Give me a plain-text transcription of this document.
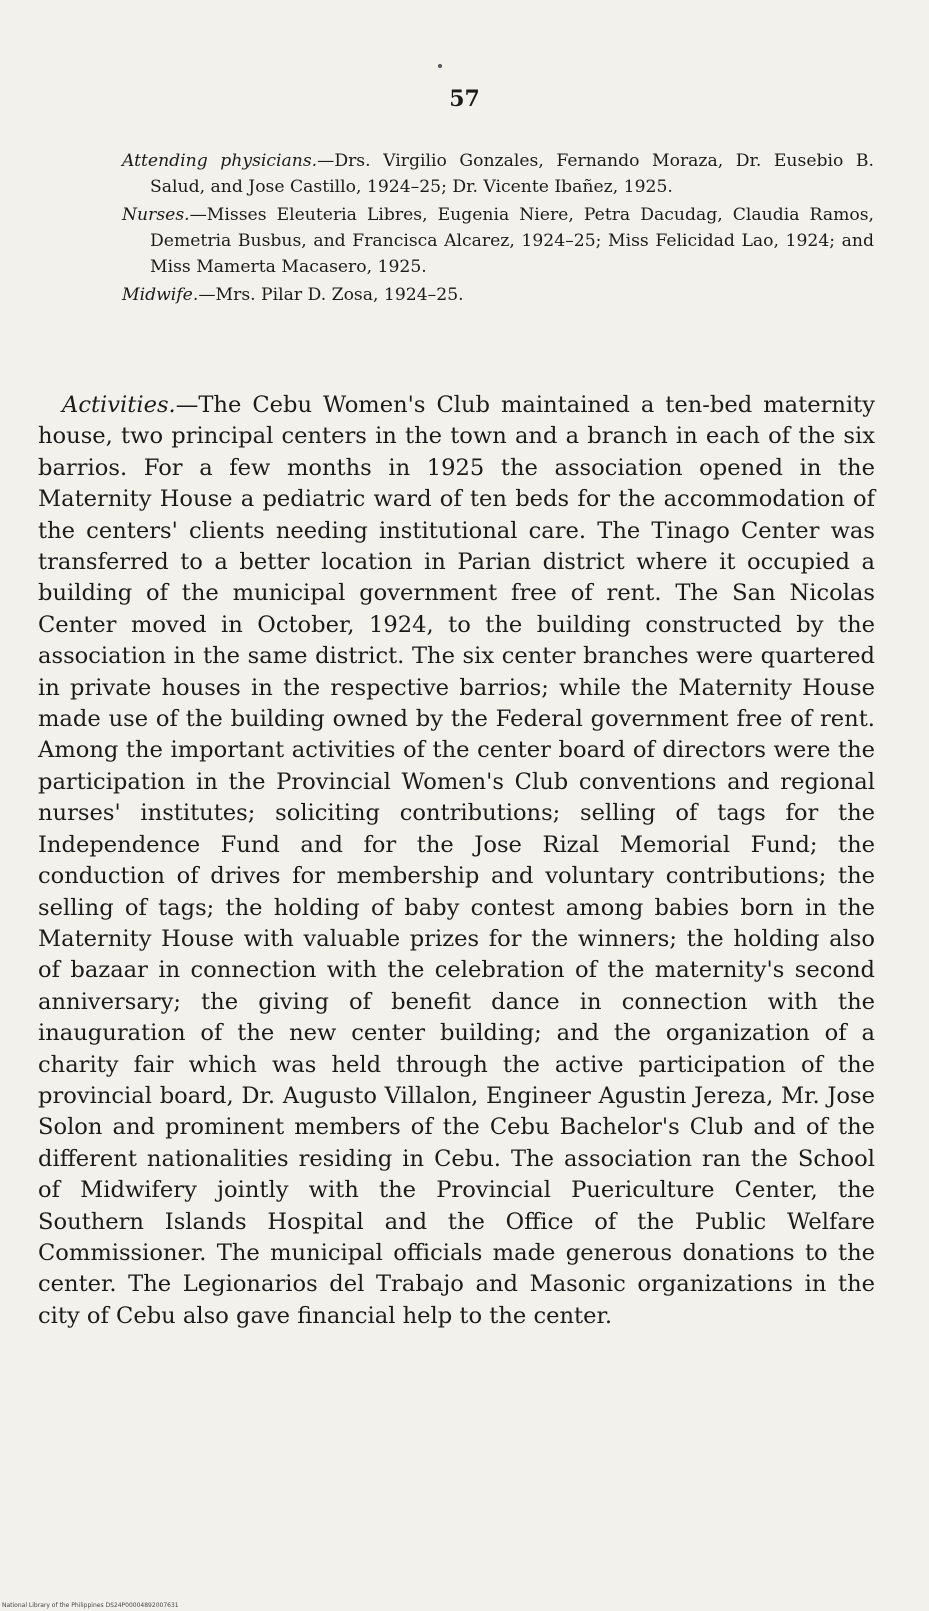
57

Attending physicians.—Drs. Virgilio Gonzales, Fernando Moraza, Dr. Eusebio B. Salud, and Jose Castillo, 1924–25; Dr. Vicente Ibañez, 1925.

Nurses.—Misses Eleuteria Libres, Eugenia Niere, Petra Dacudag, Claudia Ramos, Demetria Busbus, and Francisca Alcarez, 1924–25; Miss Felicidad Lao, 1924; and Miss Mamerta Macasero, 1925.

Midwife.—Mrs. Pilar D. Zosa, 1924–25.

Activities.—The Cebu Women's Club maintained a ten-bed maternity house, two principal centers in the town and a branch in each of the six barrios. For a few months in 1925 the association opened in the Maternity House a pediatric ward of ten beds for the accommodation of the centers' clients needing institutional care. The Tinago Center was transferred to a better location in Parian district where it occupied a building of the municipal government free of rent. The San Nicolas Center moved in October, 1924, to the building constructed by the association in the same district. The six center branches were quartered in private houses in the respective barrios; while the Maternity House made use of the building owned by the Federal government free of rent. Among the important activities of the center board of directors were the participation in the Provincial Women's Club conventions and regional nurses' institutes; soliciting contributions; selling of tags for the Independence Fund and for the Jose Rizal Memorial Fund; the conduction of drives for membership and voluntary contributions; the selling of tags; the holding of baby contest among babies born in the Maternity House with valuable prizes for the winners; the holding also of bazaar in connection with the celebration of the maternity's second anniversary; the giving of benefit dance in connection with the inauguration of the new center building; and the organization of a charity fair which was held through the active participation of the provincial board, Dr. Augusto Villalon, Engineer Agustin Jereza, Mr. Jose Solon and prominent members of the Cebu Bachelor's Club and of the different nationalities residing in Cebu. The association ran the School of Midwifery jointly with the Provincial Puericulture Center, the Southern Islands Hospital and the Office of the Public Welfare Commissioner. The municipal officials made generous donations to the center. The Legionarios del Trabajo and Masonic organizations in the city of Cebu also gave financial help to the center.

National Library of the Philippines DS24P00004892007631
